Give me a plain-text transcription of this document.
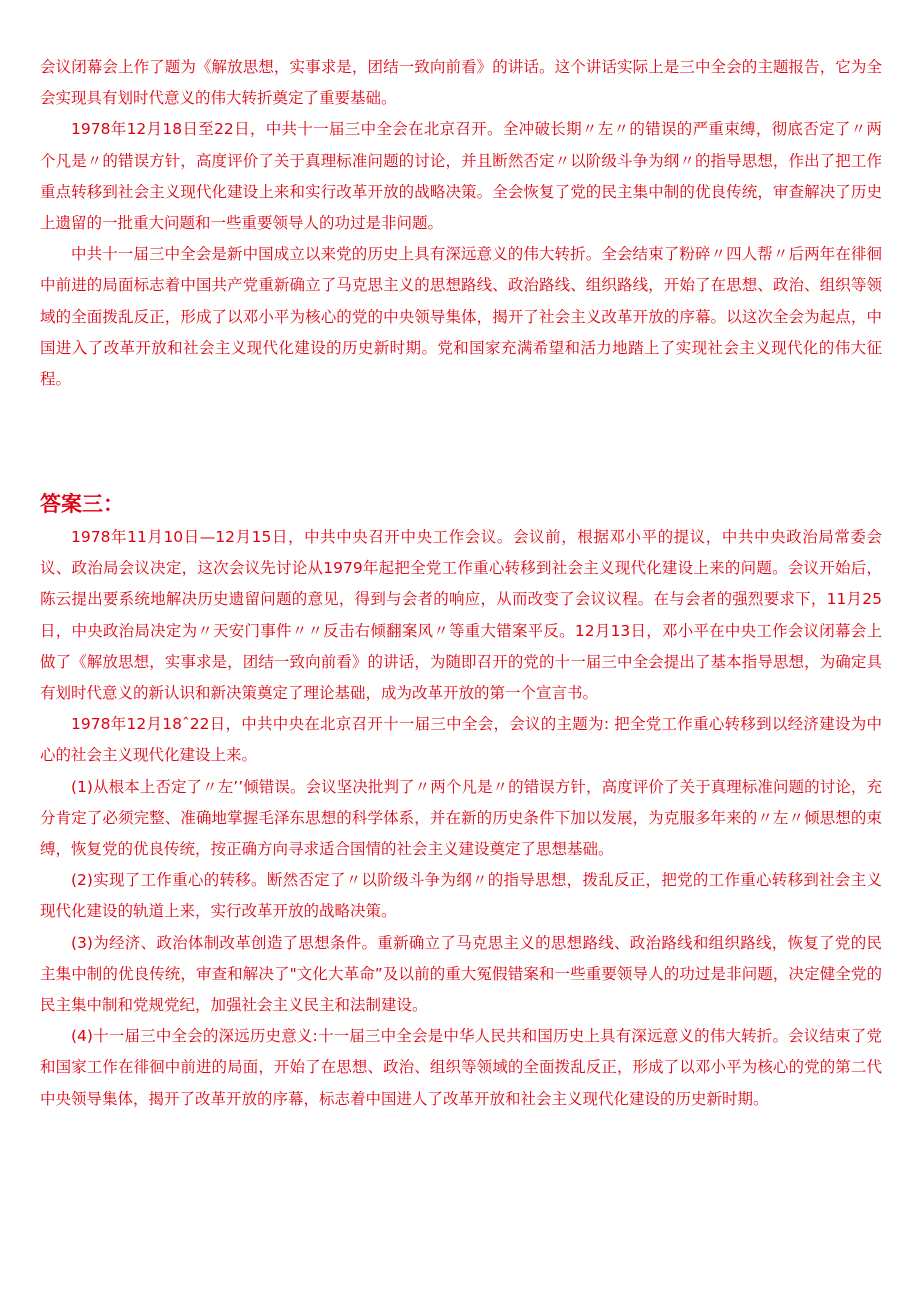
会议闭幕会上作了题为《解放思想，实事求是，团结一致向前看》的讲话。这个讲话实际上是三中全会的主题报告，它为全会实现具有划时代意义的伟大转折奠定了重要基础。

1978年12月18日至22日，中共十一届三中全会在北京召开。全冲破长期〃左〃的错误的严重束缚，彻底否定了〃两个凡是〃的错误方针，高度评价了关于真理标准问题的讨论，并且断然否定〃以阶级斗争为纲〃的指导思想，作出了把工作重点转移到社会主义现代化建设上来和实行改革开放的战略决策。全会恢复了党的民主集中制的优良传统，审查解决了历史上遗留的一批重大问题和一些重要领导人的功过是非问题。

中共十一届三中全会是新中国成立以来党的历史上具有深远意义的伟大转折。全会结束了粉碎〃四人帮〃后两年在徘徊中前进的局面标志着中国共产党重新确立了马克思主义的思想路线、政治路线、组织路线，开始了在思想、政治、组织等领域的全面拨乱反正，形成了以邓小平为核心的党的中央领导集体，揭开了社会主义改革开放的序幕。以这次全会为起点，中国进入了改革开放和社会主义现代化建设的历史新时期。党和国家充满希望和活力地踏上了实现社会主义现代化的伟大征程。

答案三：

1978年11月10日—12月15日，中共中央召开中央工作会议。会议前，根据邓小平的提议，中共中央政治局常委会议、政治局会议决定，这次会议先讨论从1979年起把全党工作重心转移到社会主义现代化建设上来的问题。会议开始后，陈云提出要系统地解决历史遗留问题的意见，得到与会者的响应，从而改变了会议议程。在与会者的强烈要求下，11月25日，中央政治局决定为〃天安门事件〃〃反击右倾翻案风〃等重大错案平反。12月13日，邓小平在中央工作会议闭幕会上做了《解放思想，实事求是，团结一致向前看》的讲话，为随即召开的党的十一届三中全会提出了基本指导思想，为确定具有划时代意义的新认识和新决策奠定了理论基础，成为改革开放的第一个宣言书。

1978年12月18ˆ22日，中共中央在北京召开十一届三中全会，会议的主题为: 把全党工作重心转移到以经济建设为中心的社会主义现代化建设上来。

(1)从根本上否定了〃左’’倾错误。会议坚决批判了〃两个凡是〃的错误方针，高度评价了关于真理标准问题的讨论，充分肯定了必须完整、准确地掌握毛泽东思想的科学体系，并在新的历史条件下加以发展，为克服多年来的〃左〃倾思想的束缚，恢复党的优良传统，按正确方向寻求适合国情的社会主义建设奠定了思想基础。

(2)实现了工作重心的转移。断然否定了〃以阶级斗争为纲〃的指导思想，拨乱反正，把党的工作重心转移到社会主义现代化建设的轨道上来，实行改革开放的战略决策。

(3)为经济、政治体制改革创造了思想条件。重新确立了马克思主义的思想路线、政治路线和组织路线，恢复了党的民主集中制的优良传统，审查和解决了"文化大革命”及以前的重大冤假错案和一些重要领导人的功过是非问题，决定健全党的民主集中制和党规党纪，加强社会主义民主和法制建设。

(4)十一届三中全会的深远历史意义:十一届三中全会是中华人民共和国历史上具有深远意义的伟大转折。会议结束了党和国家工作在徘徊中前进的局面，开始了在思想、政治、组织等领域的全面拨乱反正，形成了以邓小平为核心的党的第二代中央领导集体，揭开了改革开放的序幕，标志着中国进人了改革开放和社会主义现代化建设的历史新时期。
